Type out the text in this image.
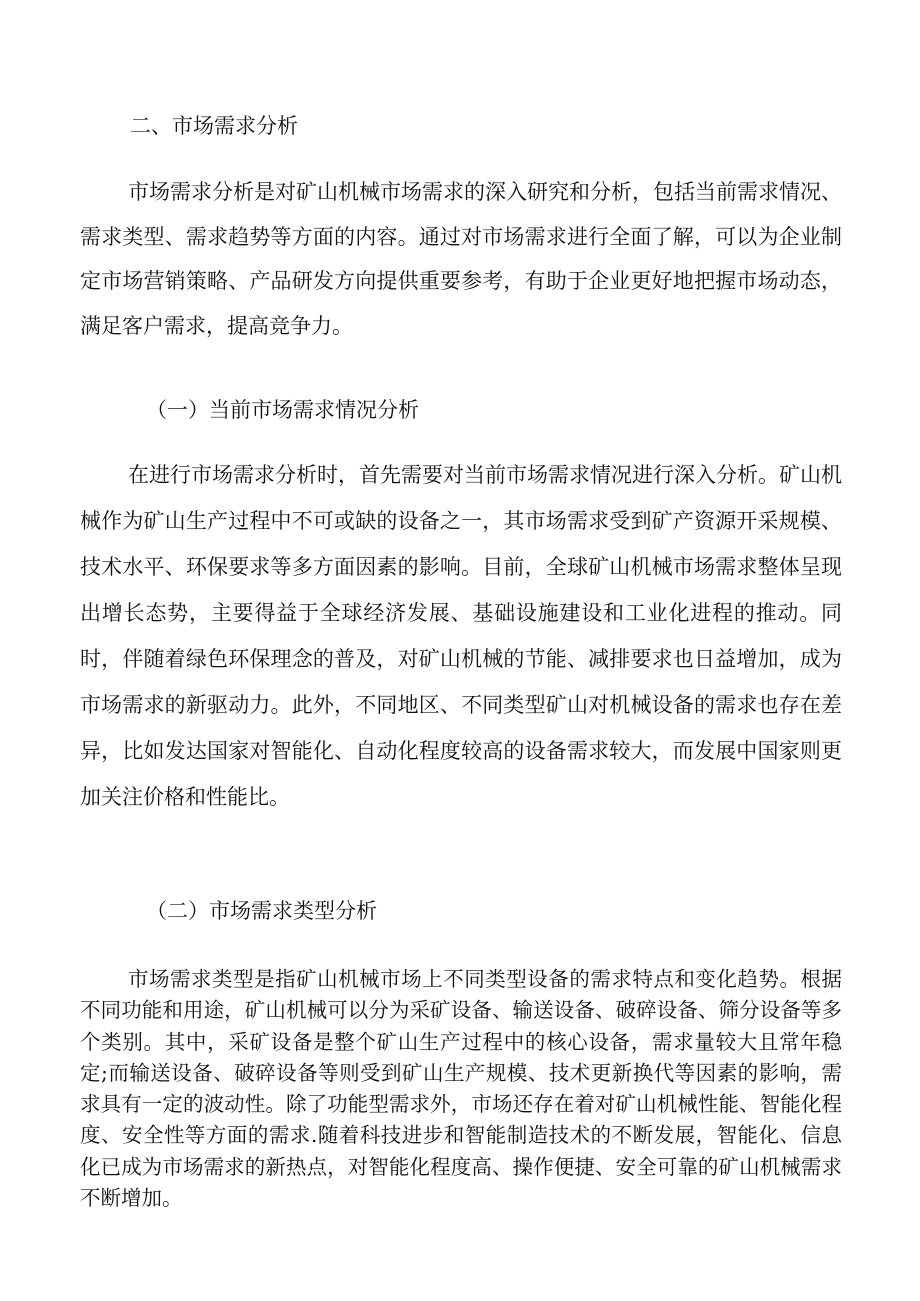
二、市场需求分析

市场需求分析是对矿山机械市场需求的深入研究和分析，包括当前需求情况、需求类型、需求趋势等方面的内容。通过对市场需求进行全面了解，可以为企业制定市场营销策略、产品研发方向提供重要参考，有助于企业更好地把握市场动态，满足客户需求，提高竞争力。

（一）当前市场需求情况分析

在进行市场需求分析时，首先需要对当前市场需求情况进行深入分析。矿山机械作为矿山生产过程中不可或缺的设备之一，其市场需求受到矿产资源开采规模、技术水平、环保要求等多方面因素的影响。目前，全球矿山机械市场需求整体呈现出增长态势，主要得益于全球经济发展、基础设施建设和工业化进程的推动。同时，伴随着绿色环保理念的普及，对矿山机械的节能、减排要求也日益增加，成为市场需求的新驱动力。此外，不同地区、不同类型矿山对机械设备的需求也存在差异，比如发达国家对智能化、自动化程度较高的设备需求较大，而发展中国家则更加关注价格和性能比。

（二）市场需求类型分析

市场需求类型是指矿山机械市场上不同类型设备的需求特点和变化趋势。根据不同功能和用途，矿山机械可以分为采矿设备、输送设备、破碎设备、筛分设备等多个类别。其中，采矿设备是整个矿山生产过程中的核心设备，需求量较大且常年稳定;而输送设备、破碎设备等则受到矿山生产规模、技术更新换代等因素的影响，需求具有一定的波动性。除了功能型需求外，市场还存在着对矿山机械性能、智能化程度、安全性等方面的需求.随着科技进步和智能制造技术的不断发展，智能化、信息化已成为市场需求的新热点，对智能化程度高、操作便捷、安全可靠的矿山机械需求不断增加。
